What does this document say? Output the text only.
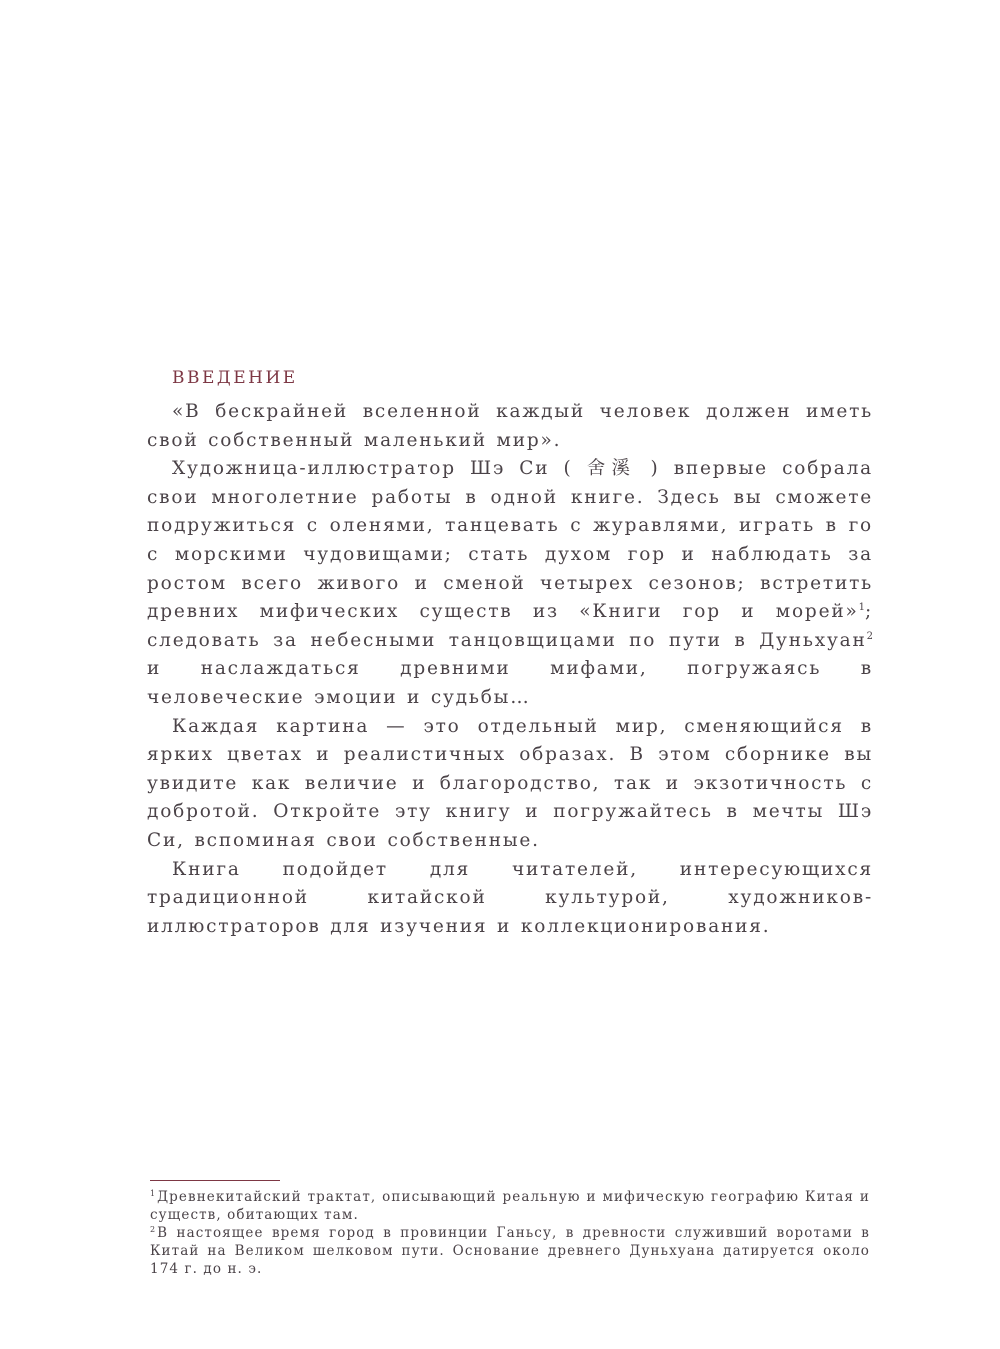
ВВЕДЕНИЕ

«В бескрайней вселенной каждый человек должен иметь свой собственный маленький мир».

Художница-иллюстратор Шэ Си ( 舍溪 ) впервые собрала свои многолетние работы в одной книге. Здесь вы сможете подружиться с оленями, танцевать с журавлями, играть в го с морскими чудовищами; стать духом гор и наблюдать за ростом всего живого и сменой четырех сезонов; встретить древних мифических существ из «Книги гор и морей»$^1$; следовать за небесными танцовщицами по пути в Дуньхуан$^2$ и наслаждаться древними мифами, погружаясь в человеческие эмоции и судьбы…

Каждая картина — это отдельный мир, сменяющийся в ярких цветах и реалистичных образах. В этом сборнике вы увидите как величие и благородство, так и экзотичность с добротой. Откройте эту книгу и погружайтесь в мечты Шэ Си, вспоминая свои собственные.

Книга подойдет для читателей, интересующихся традиционной китайской культурой, художников-иллюстраторов для изучения и коллекционирования.

$^1$ Древнекитайский трактат, описывающий реальную и мифическую географию Китая и существ, обитающих там.

$^2$ В настоящее время город в провинции Ганьсу, в древности служивший воротами в Китай на Великом шелковом пути. Основание древнего Дуньхуана датируется около 174 г. до н. э.
